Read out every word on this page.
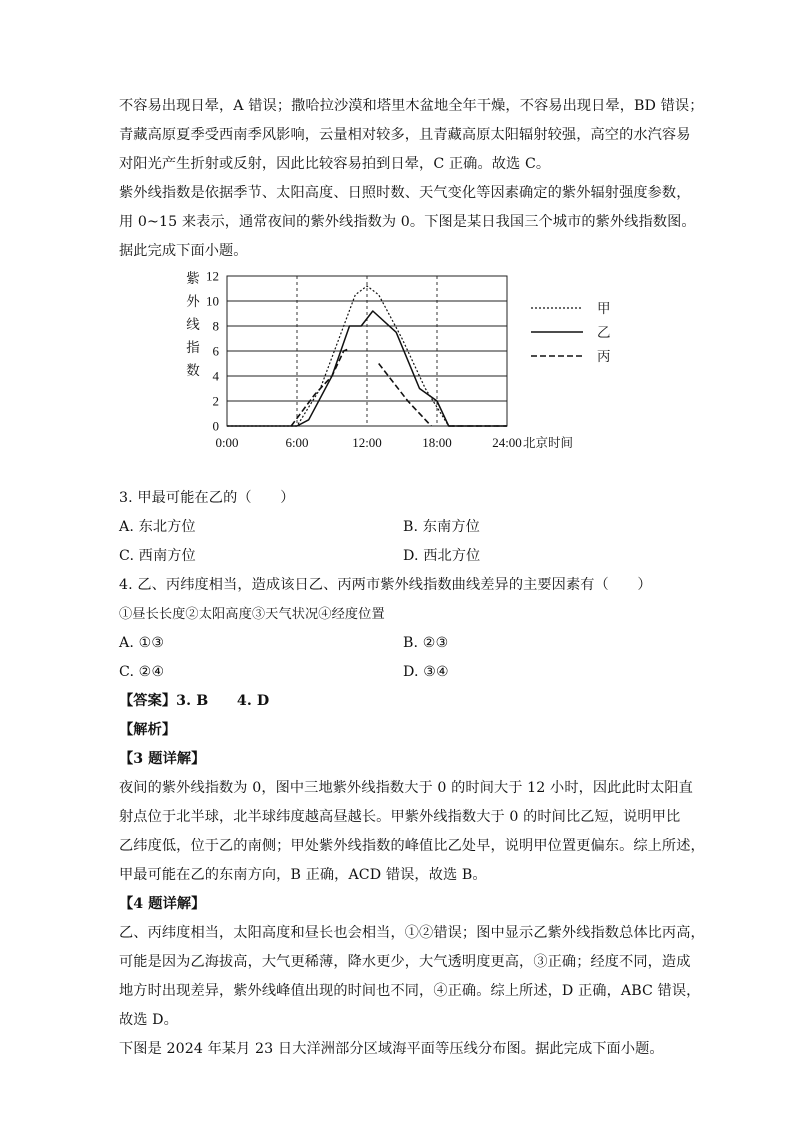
不容易出现日晕，A 错误；撒哈拉沙漠和塔里木盆地全年干燥，不容易出现日晕，BD 错误；

青藏高原夏季受西南季风影响，云量相对较多，且青藏高原太阳辐射较强，高空的水汽容易

对阳光产生折射或反射，因此比较容易拍到日晕，C 正确。故选 C。

紫外线指数是依据季节、太阳高度、日照时数、天气变化等因素确定的紫外辐射强度参数，

用 0~15 来表示，通常夜间的紫外线指数为 0。下图是某日我国三个城市的紫外线指数图。

据此完成下面小题。

0
2
4
6
8
10
12
0:00	6:00	12:00	18:00	24:00 北京时间
紫
外
线
指
数
甲
乙
丙

3. 甲最可能在乙的（　　）

A. 东北方位	B. 东南方位
C. 西南方位	D. 西北方位

4. 乙、丙纬度相当，造成该日乙、丙两市紫外线指数曲线差异的主要因素有（　　）

①昼长长度②太阳高度③天气状况④经度位置

A. ①③	B. ②③
C. ②④	D. ③④

【答案】3. B　　4. D

【解析】

【3 题详解】

夜间的紫外线指数为 0，图中三地紫外线指数大于 0 的时间大于 12 小时，因此此时太阳直

射点位于北半球，北半球纬度越高昼越长。甲紫外线指数大于 0 的时间比乙短，说明甲比

乙纬度低，位于乙的南侧；甲处紫外线指数的峰值比乙处早，说明甲位置更偏东。综上所述，

甲最可能在乙的东南方向，B 正确，ACD 错误，故选 B。

【4 题详解】

乙、丙纬度相当，太阳高度和昼长也会相当，①②错误；图中显示乙紫外线指数总体比丙高，

可能是因为乙海拔高，大气更稀薄，降水更少，大气透明度更高，③正确；经度不同，造成

地方时出现差异，紫外线峰值出现的时间也不同，④正确。综上所述，D 正确，ABC 错误，

故选 D。

下图是 2024 年某月 23 日大洋洲部分区域海平面等压线分布图。据此完成下面小题。
